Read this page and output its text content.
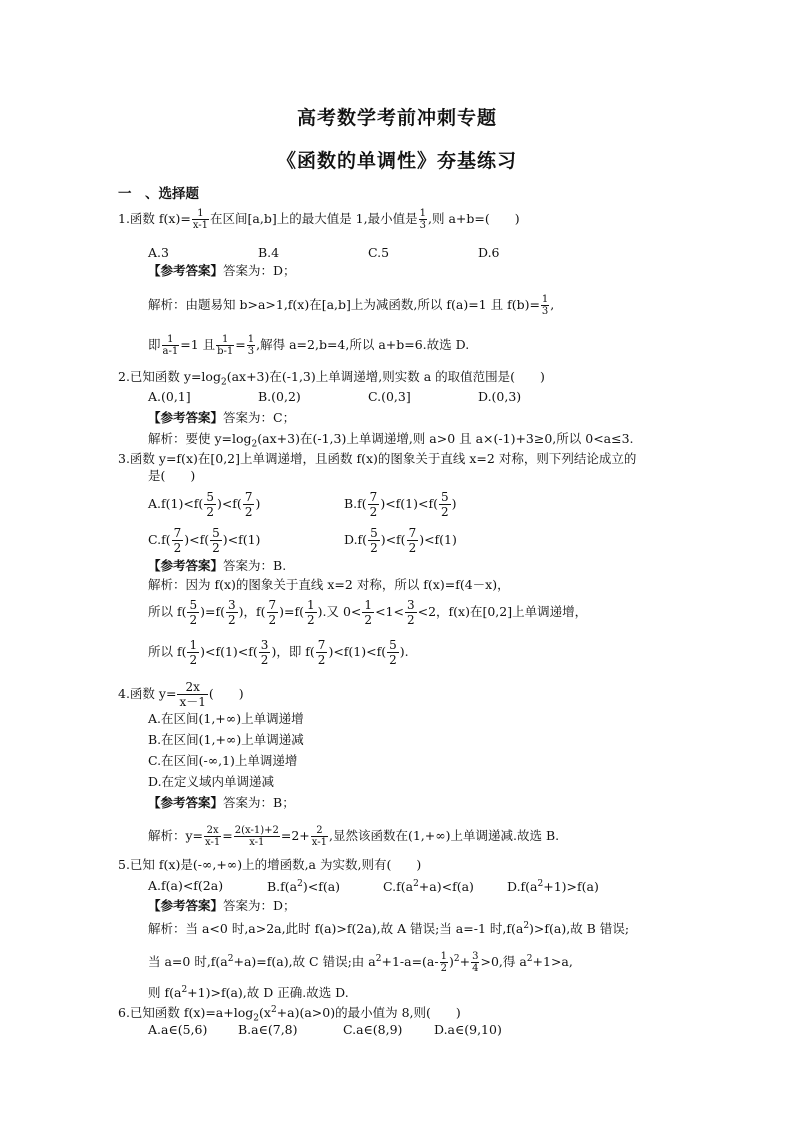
高考数学考前冲刺专题
《函数的单调性》夯基练习
一　、选择题
1.函数 $f(x)= \frac{1}{x-1}$ 在区间[a,b]上的最大值是 1,最小值是 $\frac{1}{3}$ ,则 a+b=(　　)
A.3	B.4	C.5	D.6
【参考答案】答案为：D；
解析：由题易知 b>a>1,f(x)在[a,b]上为减函数,所以 f(a)=1 且 $f(b)= \frac{1}{3}$ ,
即 $\frac{1}{a-1} =1$ 且 $\frac{1}{b-1} = \frac{1}{3}$ ,解得 a=2,b=4,所以 a+b=6.故选 D.
2.已知函数 $y=\log_2(ax+3)$在(-1,3)上单调递增,则实数 a 的取值范围是(　　)
A.(0,1]	B.(0,2)	C.(0,3]	D.(0,3)
【参考答案】答案为：C；
解析：要使 $y=\log_2(ax+3)$在(-1,3)上单调递增,则 a>0 且 a×(-1)+3≥0,所以 0<a≤3.
3.函数 y=f(x)在[0,2]上单调递增，且函数 f(x)的图象关于直线 x=2 对称，则下列结论成立的
是(　　)
$A.f(1)<f( \frac{5}{2} )<f( \frac{7}{2}$ )	$B.f( \frac{7}{2} )<f(1)<f( \frac{5}{2}$ )
$C.f( \frac{7}{2} )<f( \frac{5}{2} )<f(1)$	$D.f( \frac{5}{2} )<f( \frac{7}{2} )<f(1)$
【参考答案】答案为：B.
解析：因为 f(x)的图象关于直线 x=2 对称，所以 f(x)=f(4－x)，
所以 $f( \frac{5}{2} )=f( \frac{3}{2}$ )，$f( \frac{7}{2} )=f( \frac{1}{2}$ ).又 $0< \frac{1}{2} <1< \frac{3}{2} <2$，f(x)在[0,2]上单调递增，
所以 $f( \frac{1}{2} )<f(1)<f( \frac{3}{2}$ )，即 $f( \frac{7}{2} )<f(1)<f( \frac{5}{2}$ ).
4.函数 $y= \frac{2x}{x-1}$ (　　)
A.在区间(1,+∞)上单调递增
B.在区间(1,+∞)上单调递减
C.在区间(-∞,1)上单调递增
D.在定义域内单调递减
【参考答案】答案为：B；
解析：$y= \frac{2x}{x-1} = \frac{2(x-1)+2}{x-1} =2+ \frac{2}{x-1}$ ,显然该函数在(1,+∞)上单调递减.故选 B.
5.已知 f(x)是(-∞,+∞)上的增函数,a 为实数,则有(　　)
A.f(a)<f(2a)	$B.f(a^2)<f(a)$	$C.f(a^2+a)<f(a)$	$D.f(a^2+1)>f(a)$
【参考答案】答案为：D；
解析：当 a<0 时,a>2a,此时 f(a)>f(2a),故 A 错误;当 a=-1 时$,f(a^2)>f(a)$,故 B 错误;
当 a=0 时$,f(a^2+a)=f(a)$,故 C 错误;由 $a^2+1-a=(a- \frac{1}{2} )^2+ \frac{3}{4} >0$,得 $a^2+1>a$,
则 $f(a^2+1)>f(a)$,故 D 正确.故选 D.
6.已知函数 $f(x)=a+\log_2(x^2+a)(a>0)$的最小值为 8,则(　　)
A.a∈(5,6) B.a∈(7,8)	C.a∈(8,9)	D.a∈(9,10)
